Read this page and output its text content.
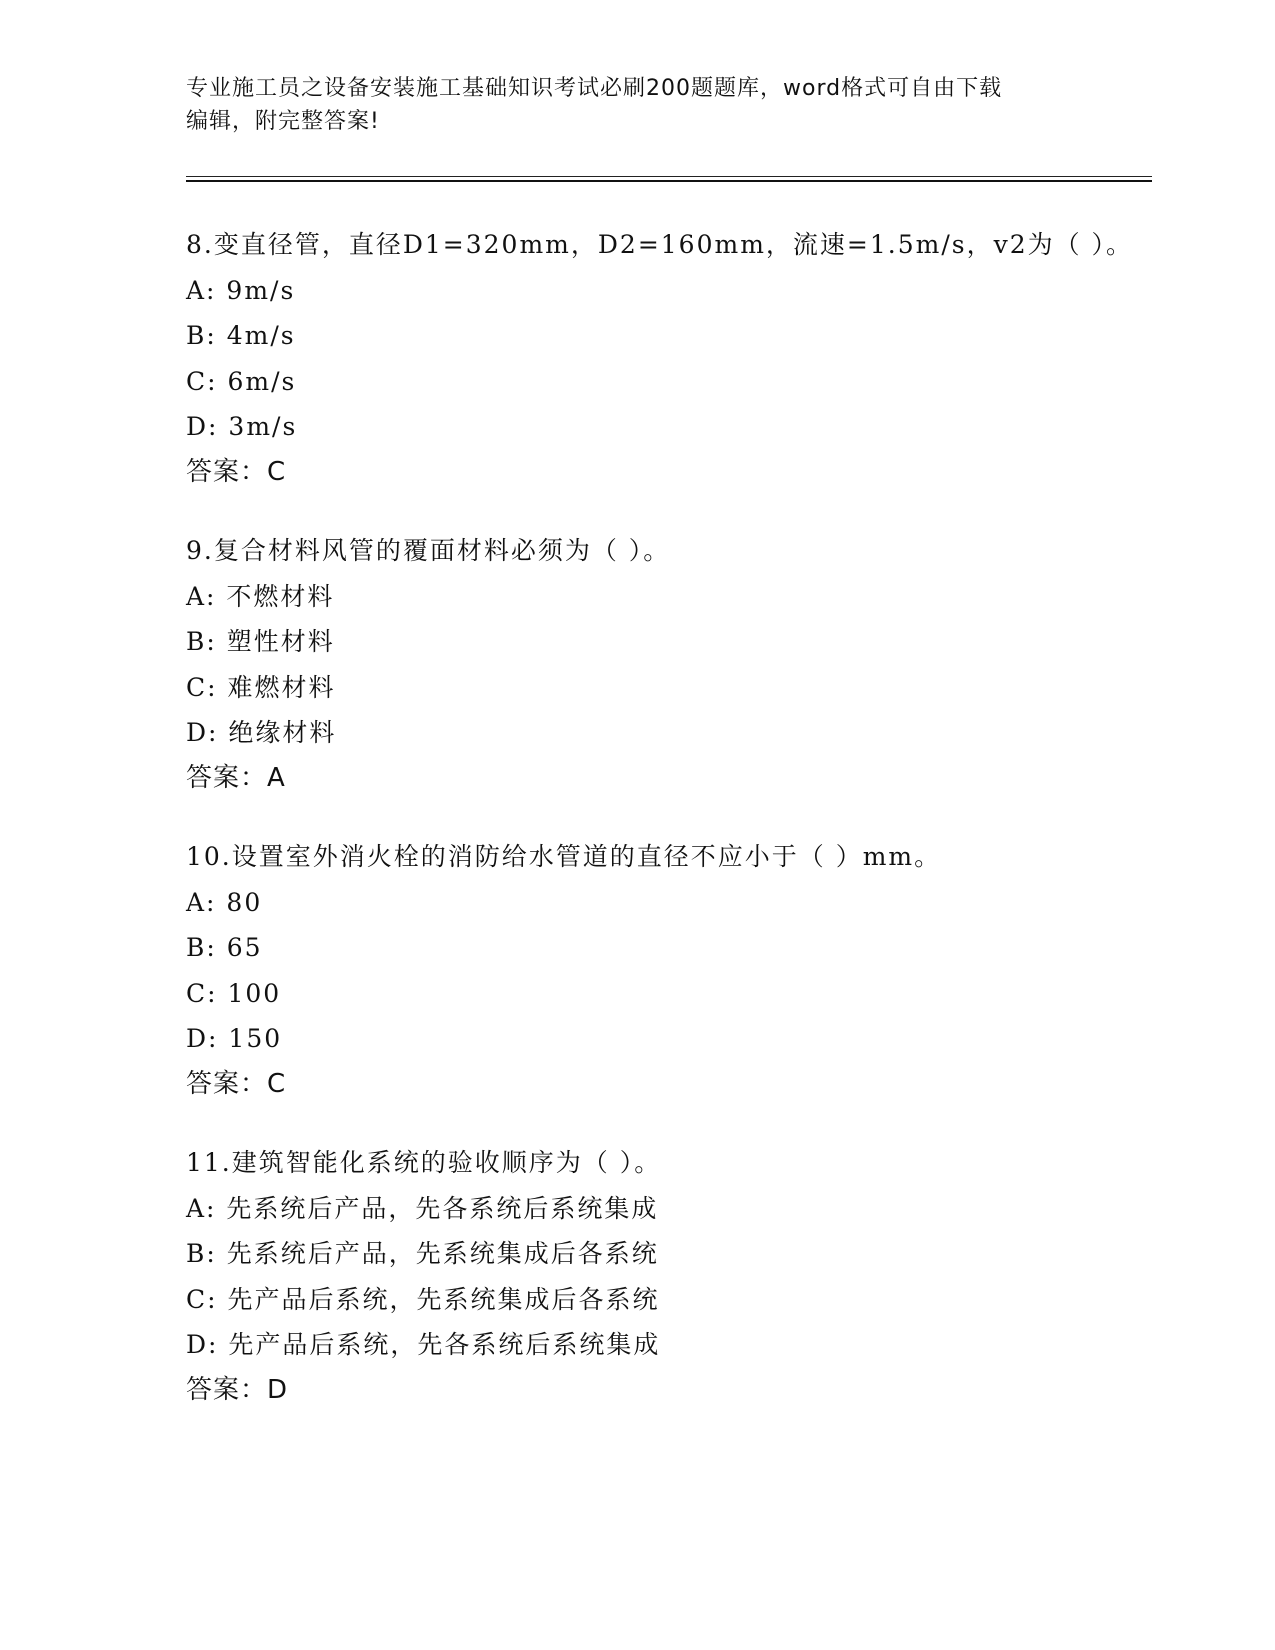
专业施工员之设备安装施工基础知识考试必刷200题题库，word格式可自由下载
编辑，附完整答案!
8.变直径管，直径D1=320mm，D2=160mm，流速=1.5m/s，v2为（ ）。
A: 9m/s
B: 4m/s
C: 6m/s
D: 3m/s
答案：C
9.复合材料风管的覆面材料必须为（ ）。
A: 不燃材料
B: 塑性材料
C: 难燃材料
D: 绝缘材料
答案：A
10.设置室外消火栓的消防给水管道的直径不应小于（ ）mm。
A: 80
B: 65
C: 100
D: 150
答案：C
11.建筑智能化系统的验收顺序为（ ）。
A: 先系统后产品，先各系统后系统集成
B: 先系统后产品，先系统集成后各系统
C: 先产品后系统，先系统集成后各系统
D: 先产品后系统，先各系统后系统集成
答案：D
